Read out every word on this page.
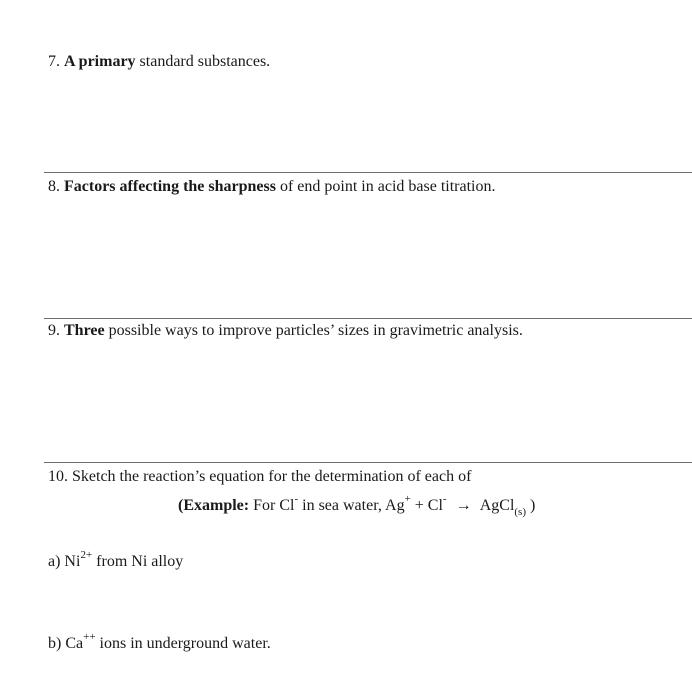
7. A primary standard substances.
8. Factors affecting the sharpness of end point in acid base titration.
9. Three possible ways to improve particles’ sizes in gravimetric analysis.
10. Sketch the reaction’s equation for the determination of each of
(Example: For Cl- in sea water, Ag+ + Cl- → AgCl$_{(s)}$ )
a) $Ni^{2+}$ from Ni alloy
b) Ca++ ions in underground water.
